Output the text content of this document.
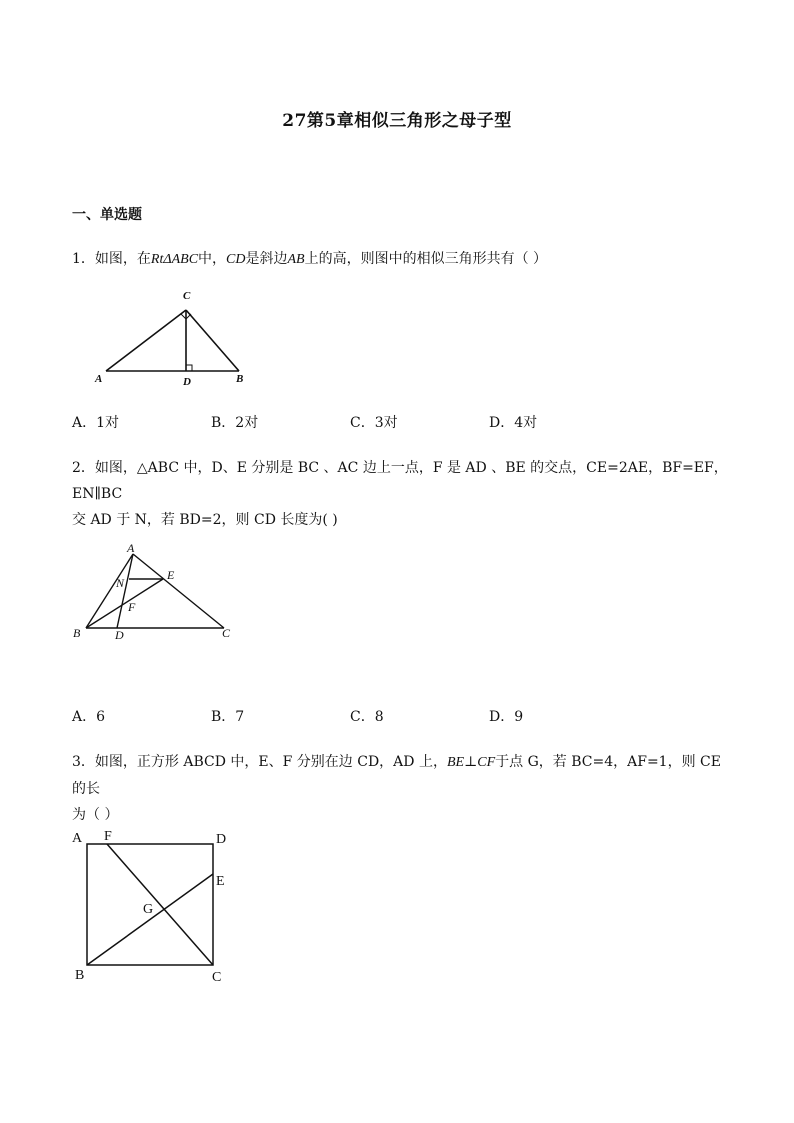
27第5章相似三角形之母子型
一、单选题
1．如图，在RtΔABC中，CD是斜边AB上的高，则图中的相似三角形共有（ ）
A	B
C
D
A．1对	B．2对	C．3对	D．4对
2．如图，△ABC 中，D、E 分别是 BC 、AC 边上一点，F 是 AD 、BE 的交点，CE=2AE，BF=EF，EN∥BC
交 AD 于 N，若 BD=2，则 CD 长度为( )
A
B	C
D
E
F
N
A．6	B．7	C．8	D．9
3．如图，正方形 ABCD 中，E、F 分别在边 CD，AD 上，BE⊥CF于点 G，若 BC=4，AF=1，则 CE 的长
为（ ）
A
B	C
D
E
F
G
